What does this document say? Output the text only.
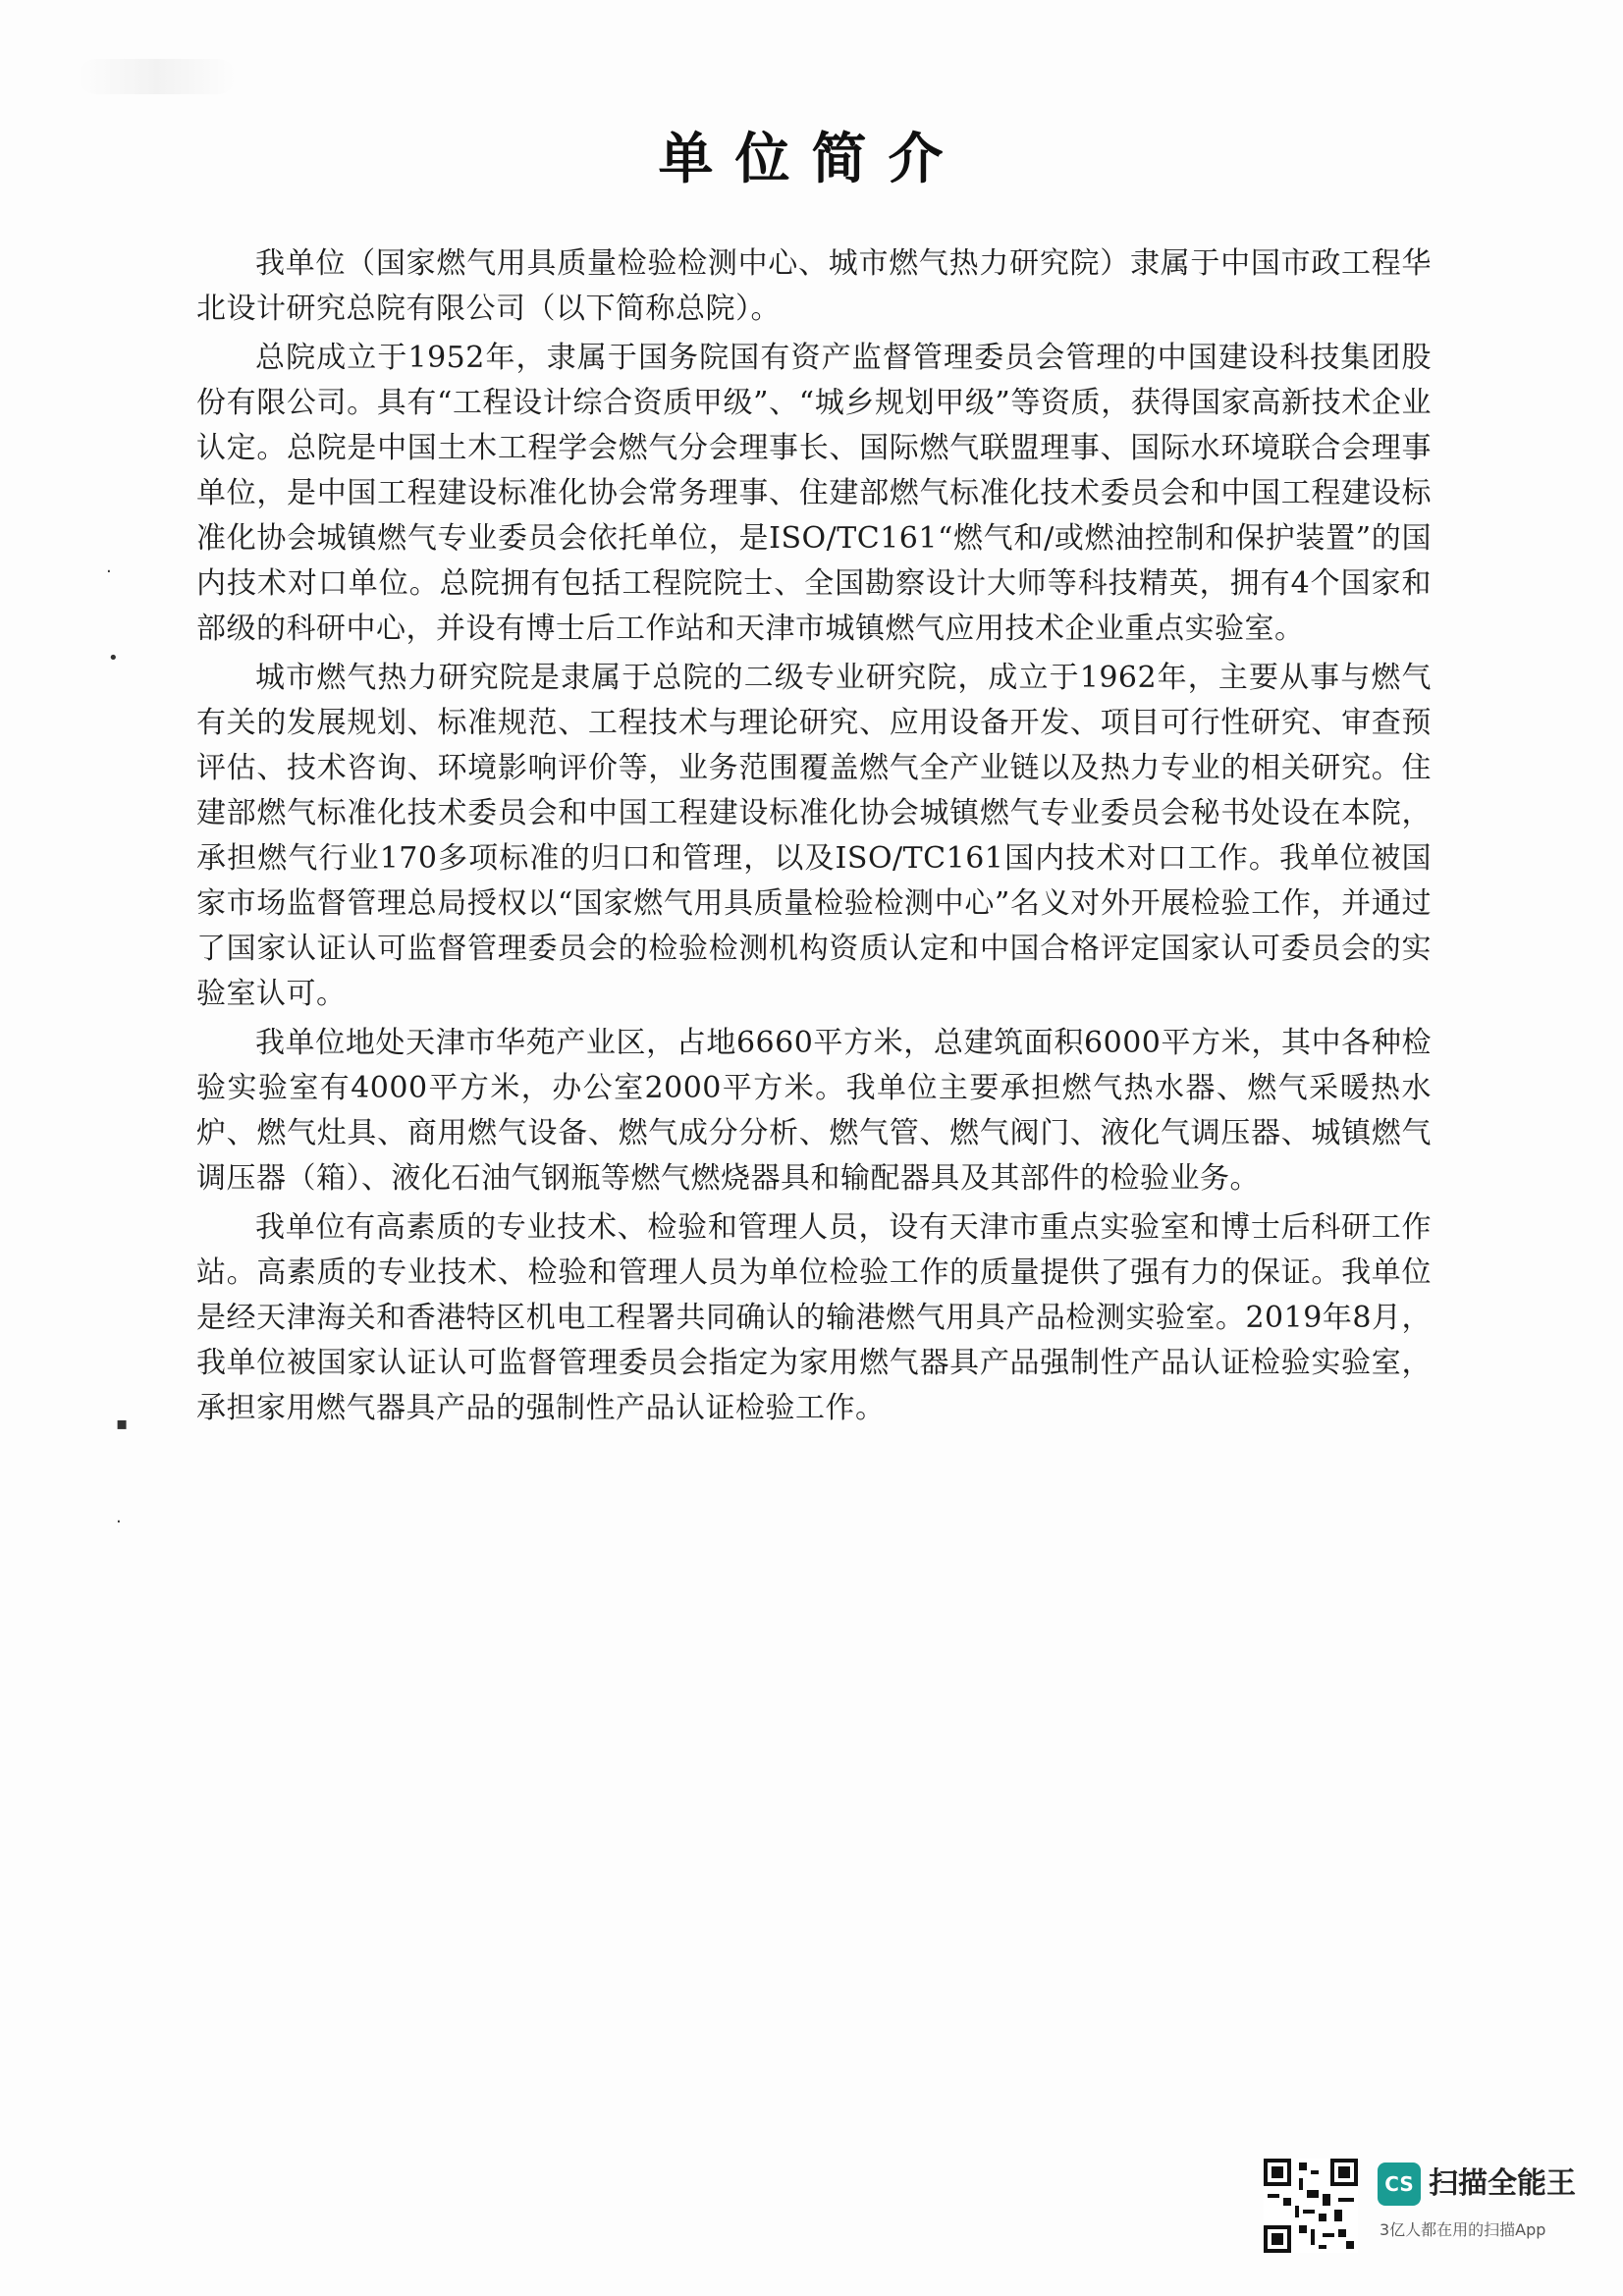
单位简介

我单位（国家燃气用具质量检验检测中心、城市燃气热力研究院）隶属于中国市政工程华北设计研究总院有限公司（以下简称总院）。

总院成立于1952年，隶属于国务院国有资产监督管理委员会管理的中国建设科技集团股份有限公司。具有“工程设计综合资质甲级”、“城乡规划甲级”等资质，获得国家高新技术企业认定。总院是中国土木工程学会燃气分会理事长、国际燃气联盟理事、国际水环境联合会理事单位，是中国工程建设标准化协会常务理事、住建部燃气标准化技术委员会和中国工程建设标准化协会城镇燃气专业委员会依托单位，是ISO/TC161“燃气和/或燃油控制和保护装置”的国内技术对口单位。总院拥有包括工程院院士、全国勘察设计大师等科技精英，拥有4个国家和部级的科研中心，并设有博士后工作站和天津市城镇燃气应用技术企业重点实验室。

城市燃气热力研究院是隶属于总院的二级专业研究院，成立于1962年，主要从事与燃气有关的发展规划、标准规范、工程技术与理论研究、应用设备开发、项目可行性研究、审查预评估、技术咨询、环境影响评价等，业务范围覆盖燃气全产业链以及热力专业的相关研究。住建部燃气标准化技术委员会和中国工程建设标准化协会城镇燃气专业委员会秘书处设在本院，承担燃气行业170多项标准的归口和管理，以及ISO/TC161国内技术对口工作。我单位被国家市场监督管理总局授权以“国家燃气用具质量检验检测中心”名义对外开展检验工作，并通过了国家认证认可监督管理委员会的检验检测机构资质认定和中国合格评定国家认可委员会的实验室认可。

我单位地处天津市华苑产业区，占地6660平方米，总建筑面积6000平方米，其中各种检验实验室有4000平方米，办公室2000平方米。我单位主要承担燃气热水器、燃气采暖热水炉、燃气灶具、商用燃气设备、燃气成分分析、燃气管、燃气阀门、液化气调压器、城镇燃气调压器（箱）、液化石油气钢瓶等燃气燃烧器具和输配器具及其部件的检验业务。

我单位有高素质的专业技术、检验和管理人员，设有天津市重点实验室和博士后科研工作站。高素质的专业技术、检验和管理人员为单位检验工作的质量提供了强有力的保证。我单位是经天津海关和香港特区机电工程署共同确认的输港燃气用具产品检测实验室。2019年8月，我单位被国家认证认可监督管理委员会指定为家用燃气器具产品强制性产品认证检验实验室，承担家用燃气器具产品的强制性产品认证检验工作。

·
•
▪
·
CS 扫描全能王
3亿人都在用的扫描App
